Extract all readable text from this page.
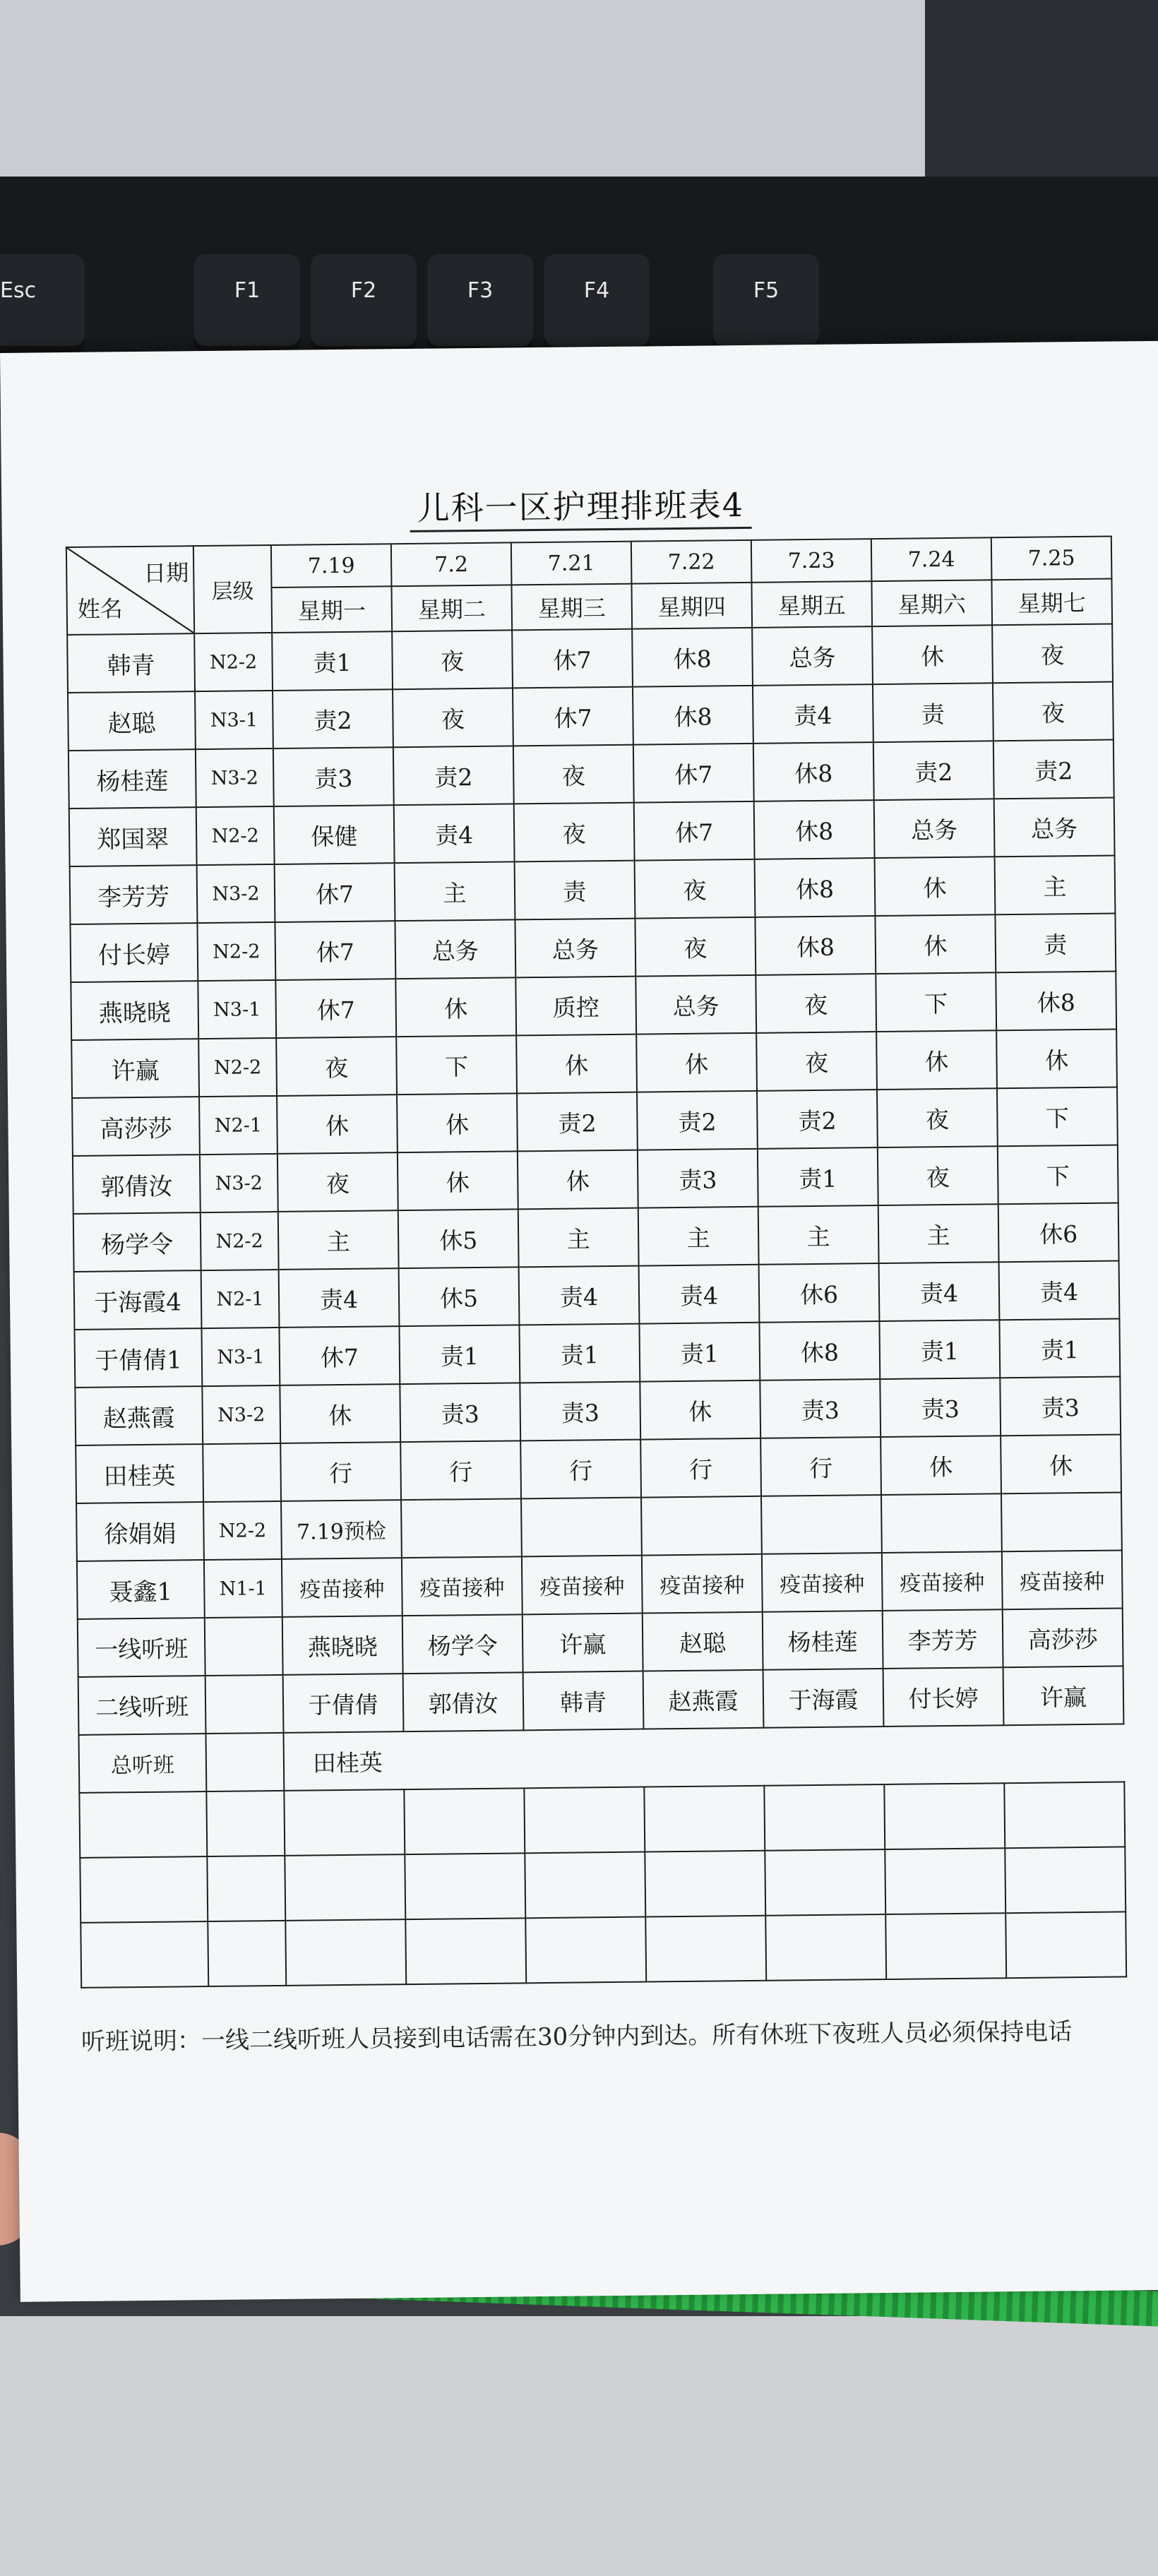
Esc	F1	F2	F3	F4	F5
儿科一区护理排班表4
日期
姓名	层级	7.19	7.2	7.21	7.22	7.23	7.24	7.25
		星期一	星期二	星期三	星期四	星期五	星期六	星期七
韩青	N2-2	责1	夜	休7	休8	总务	休	夜
赵聪	N3-1	责2	夜	休7	休8	责4	责	夜
杨桂莲	N3-2	责3	责2	夜	休7	休8	责2	责2
郑国翠	N2-2	保健	责4	夜	休7	休8	总务	总务
李芳芳	N3-2	休7	主	责	夜	休8	休	主
付长婷	N2-2	休7	总务	总务	夜	休8	休	责
燕晓晓	N3-1	休7	休	质控	总务	夜	下	休8
许赢	N2-2	夜	下	休	休	夜	休	休
高莎莎	N2-1	休	休	责2	责2	责2	夜	下
郭倩汝	N3-2	夜	休	休	责3	责1	夜	下
杨学令	N2-2	主	休5	主	主	主	主	休6
于海霞4	N2-1	责4	休5	责4	责4	休6	责4	责4
于倩倩1	N3-1	休7	责1	责1	责1	休8	责1	责1
赵燕霞	N3-2	休	责3	责3	休	责3	责3	责3
田桂英		行	行	行	行	行	休	休
徐娟娟	N2-2	7.19预检						
聂鑫1	N1-1	疫苗接种	疫苗接种	疫苗接种	疫苗接种	疫苗接种	疫苗接种	疫苗接种
一线听班		燕晓晓	杨学令	许赢	赵聪	杨桂莲	李芳芳	高莎莎
二线听班		于倩倩	郭倩汝	韩青	赵燕霞	于海霞	付长婷	许赢
总听班		田桂英						

听班说明：一线二线听班人员接到电话需在30分钟内到达。所有休班下夜班人员必须保持电话
